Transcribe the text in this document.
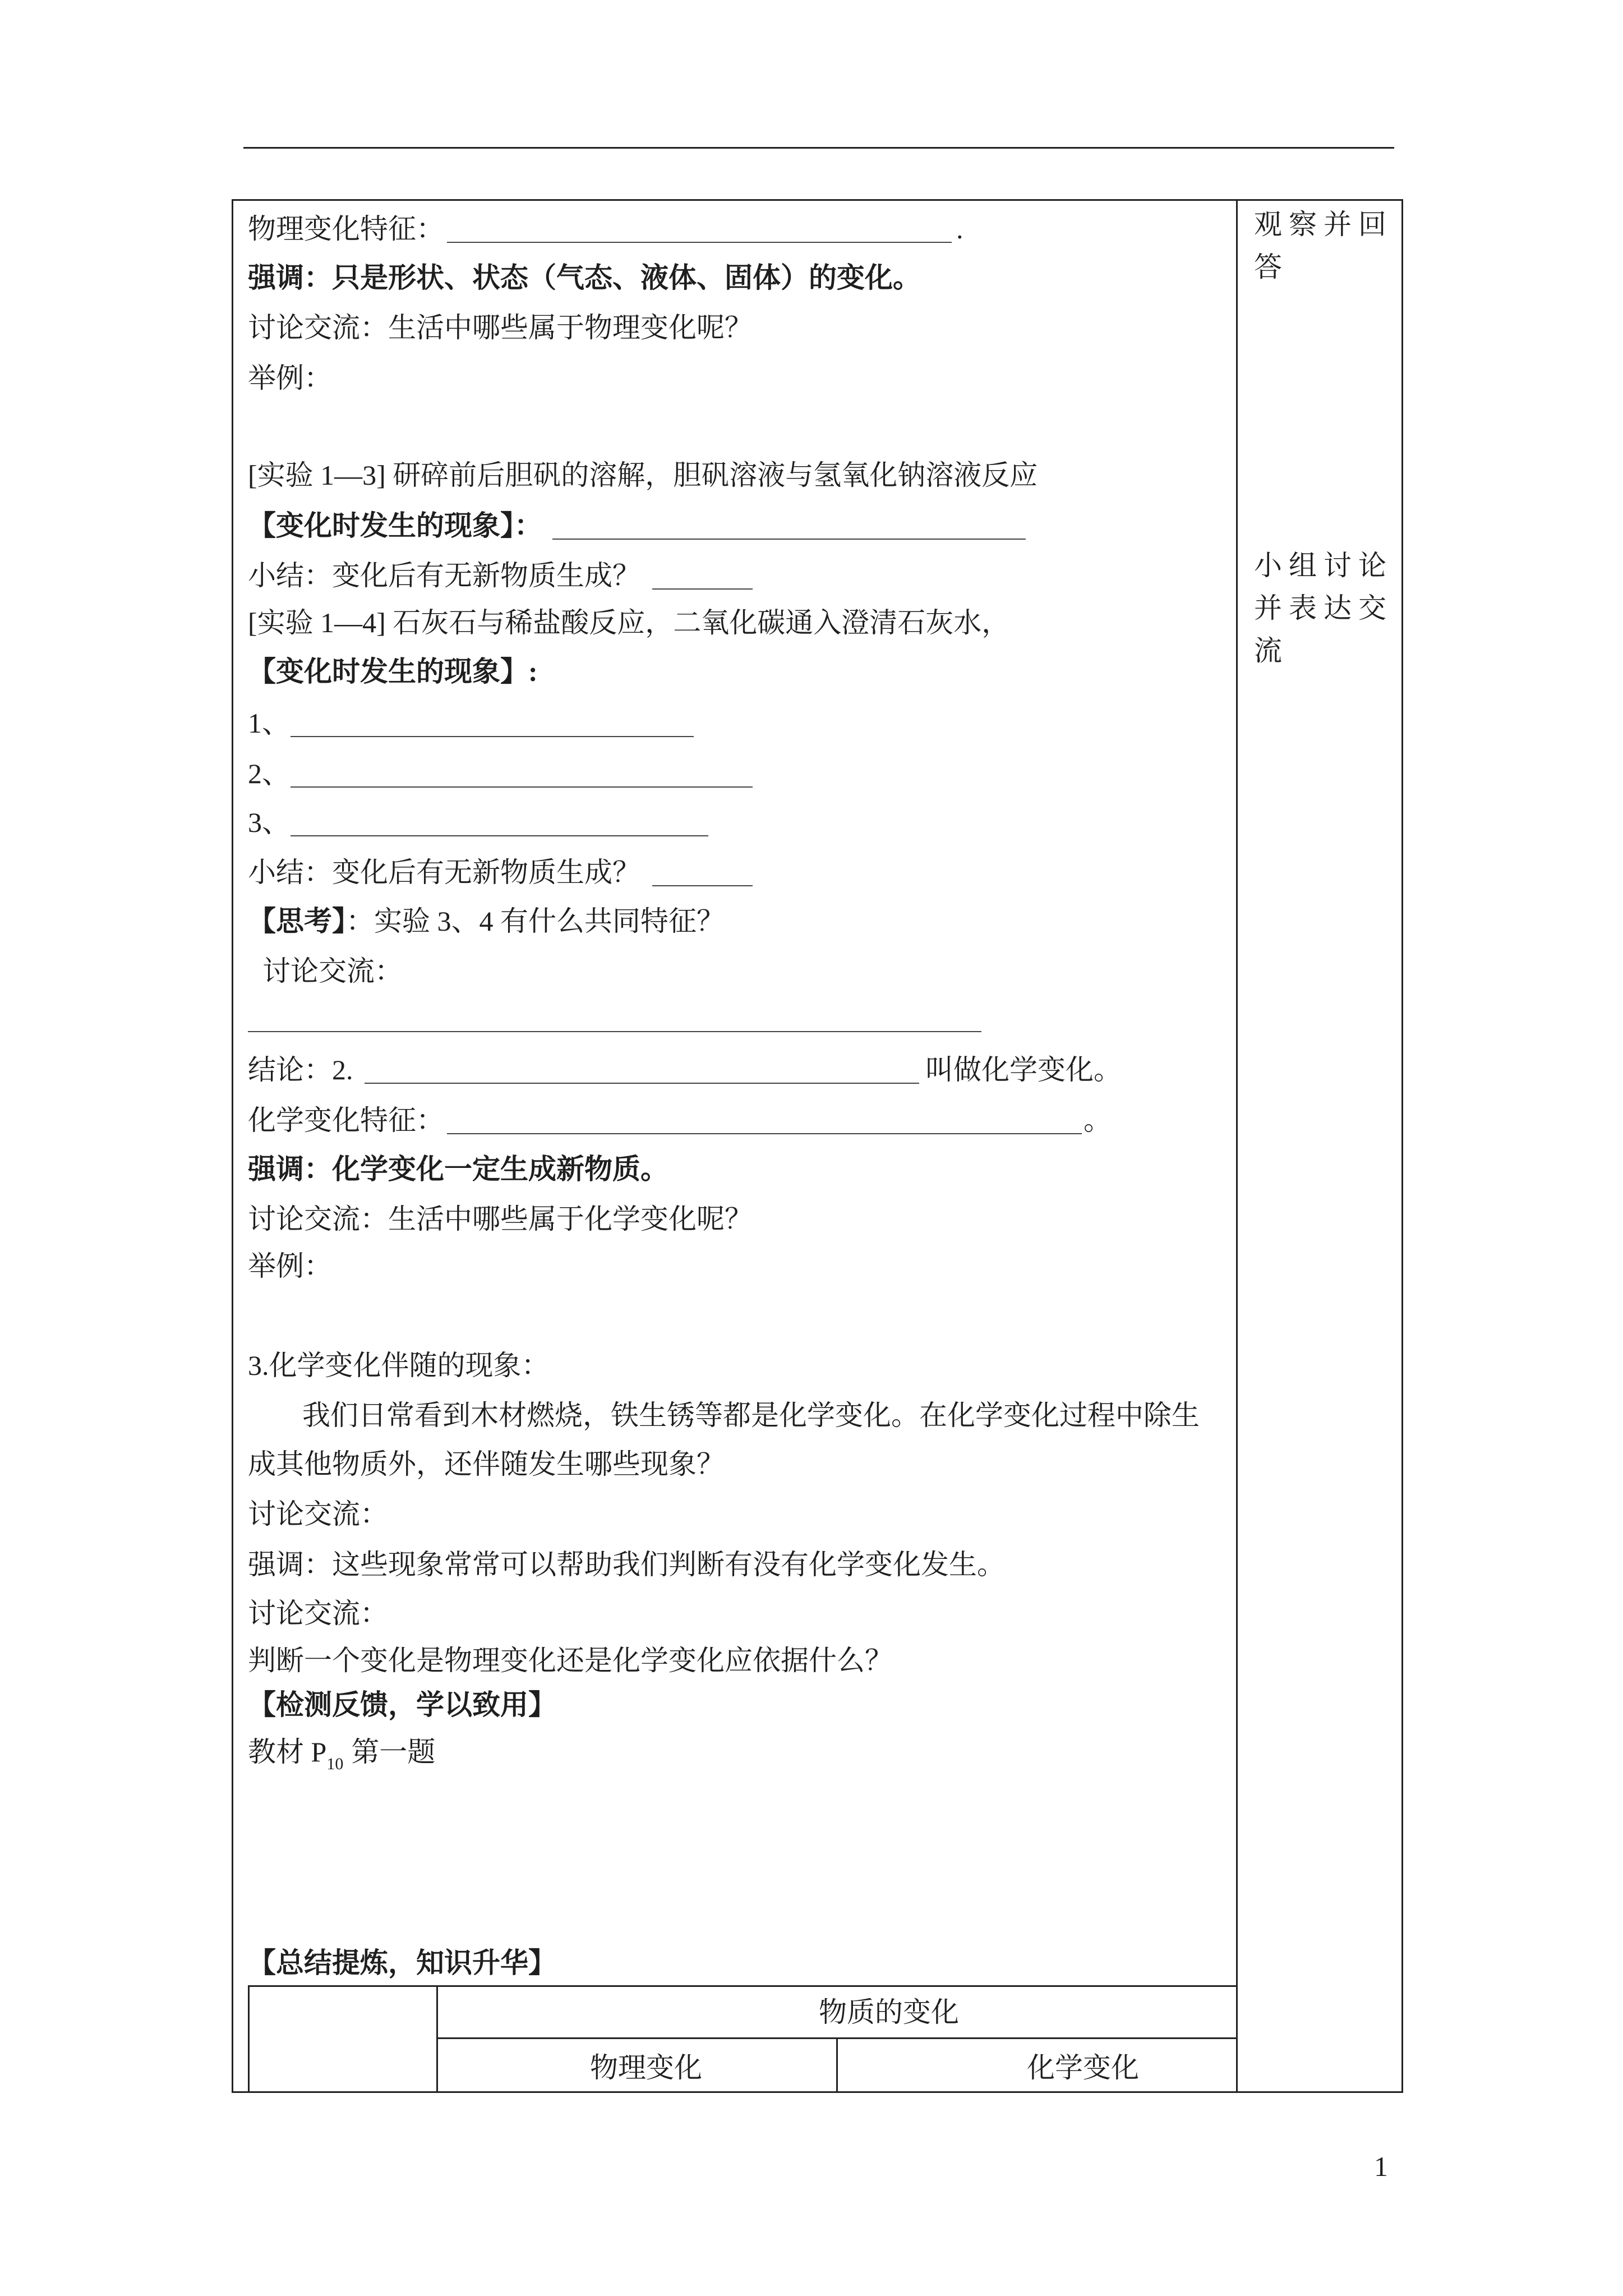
观察并回答
小组讨论并表达交流
物理变化特征：	.
强调：只是形状、状态（气态、液体、固体）的变化。
讨论交流：生活中哪些属于物理变化呢？
举例：
[实验 1—3] 研碎前后胆矾的溶解，胆矾溶液与氢氧化钠溶液反应
【变化时发生的现象】：
小结：变化后有无新物质生成？
[实验 1—4] 石灰石与稀盐酸反应，二氧化碳通入澄清石灰水，
【变化时发生的现象】:
1、
2、
3、
小结：变化后有无新物质生成？
【思考】：实验 3、4 有什么共同特征？
讨论交流：
结论：2.	叫做化学变化。
化学变化特征：	。
强调：化学变化一定生成新物质。
讨论交流：生活中哪些属于化学变化呢？
举例：
3.化学变化伴随的现象：
我们日常看到木材燃烧，铁生锈等都是化学变化。在化学变化过程中除生
成其他物质外，还伴随发生哪些现象？
讨论交流：
强调：这些现象常常可以帮助我们判断有没有化学变化发生。
讨论交流：
判断一个变化是物理变化还是化学变化应依据什么？
【检测反馈，学以致用】
教材 $P_{10}$ 第一题
【总结提炼，知识升华】
物质的变化
物理变化	化学变化
1
